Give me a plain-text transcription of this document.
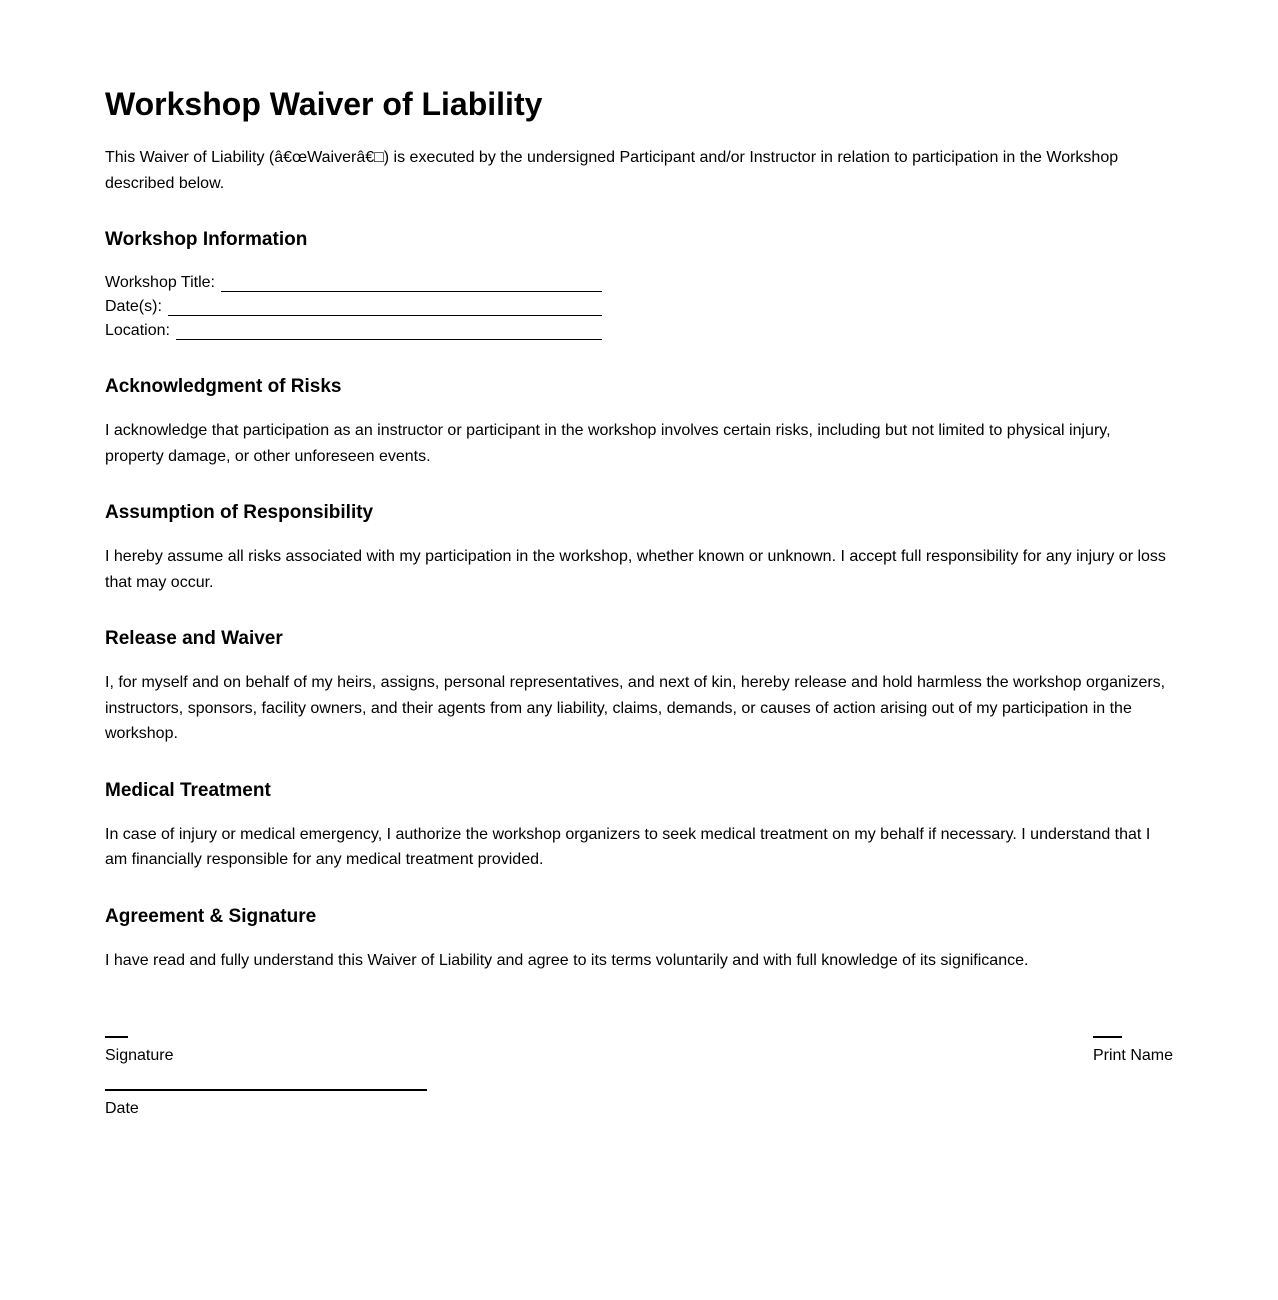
Workshop Waiver of Liability

This Waiver of Liability (â€œWaiverâ€□) is executed by the undersigned Participant and/or Instructor in relation to participation in the Workshop described below.

Workshop Information
Workshop Title:
Date(s):
Location:
Acknowledgment of Risks

I acknowledge that participation as an instructor or participant in the workshop involves certain risks, including but not limited to physical injury, property damage, or other unforeseen events.

Assumption of Responsibility

I hereby assume all risks associated with my participation in the workshop, whether known or unknown. I accept full responsibility for any injury or loss that may occur.

Release and Waiver

I, for myself and on behalf of my heirs, assigns, personal representatives, and next of kin, hereby release and hold harmless the workshop organizers, instructors, sponsors, facility owners, and their agents from any liability, claims, demands, or causes of action arising out of my participation in the workshop.

Medical Treatment

In case of injury or medical emergency, I authorize the workshop organizers to seek medical treatment on my behalf if necessary. I understand that I am financially responsible for any medical treatment provided.

Agreement & Signature

I have read and fully understand this Waiver of Liability and agree to its terms voluntarily and with full knowledge of its significance.

Signature	Print Name
Date
